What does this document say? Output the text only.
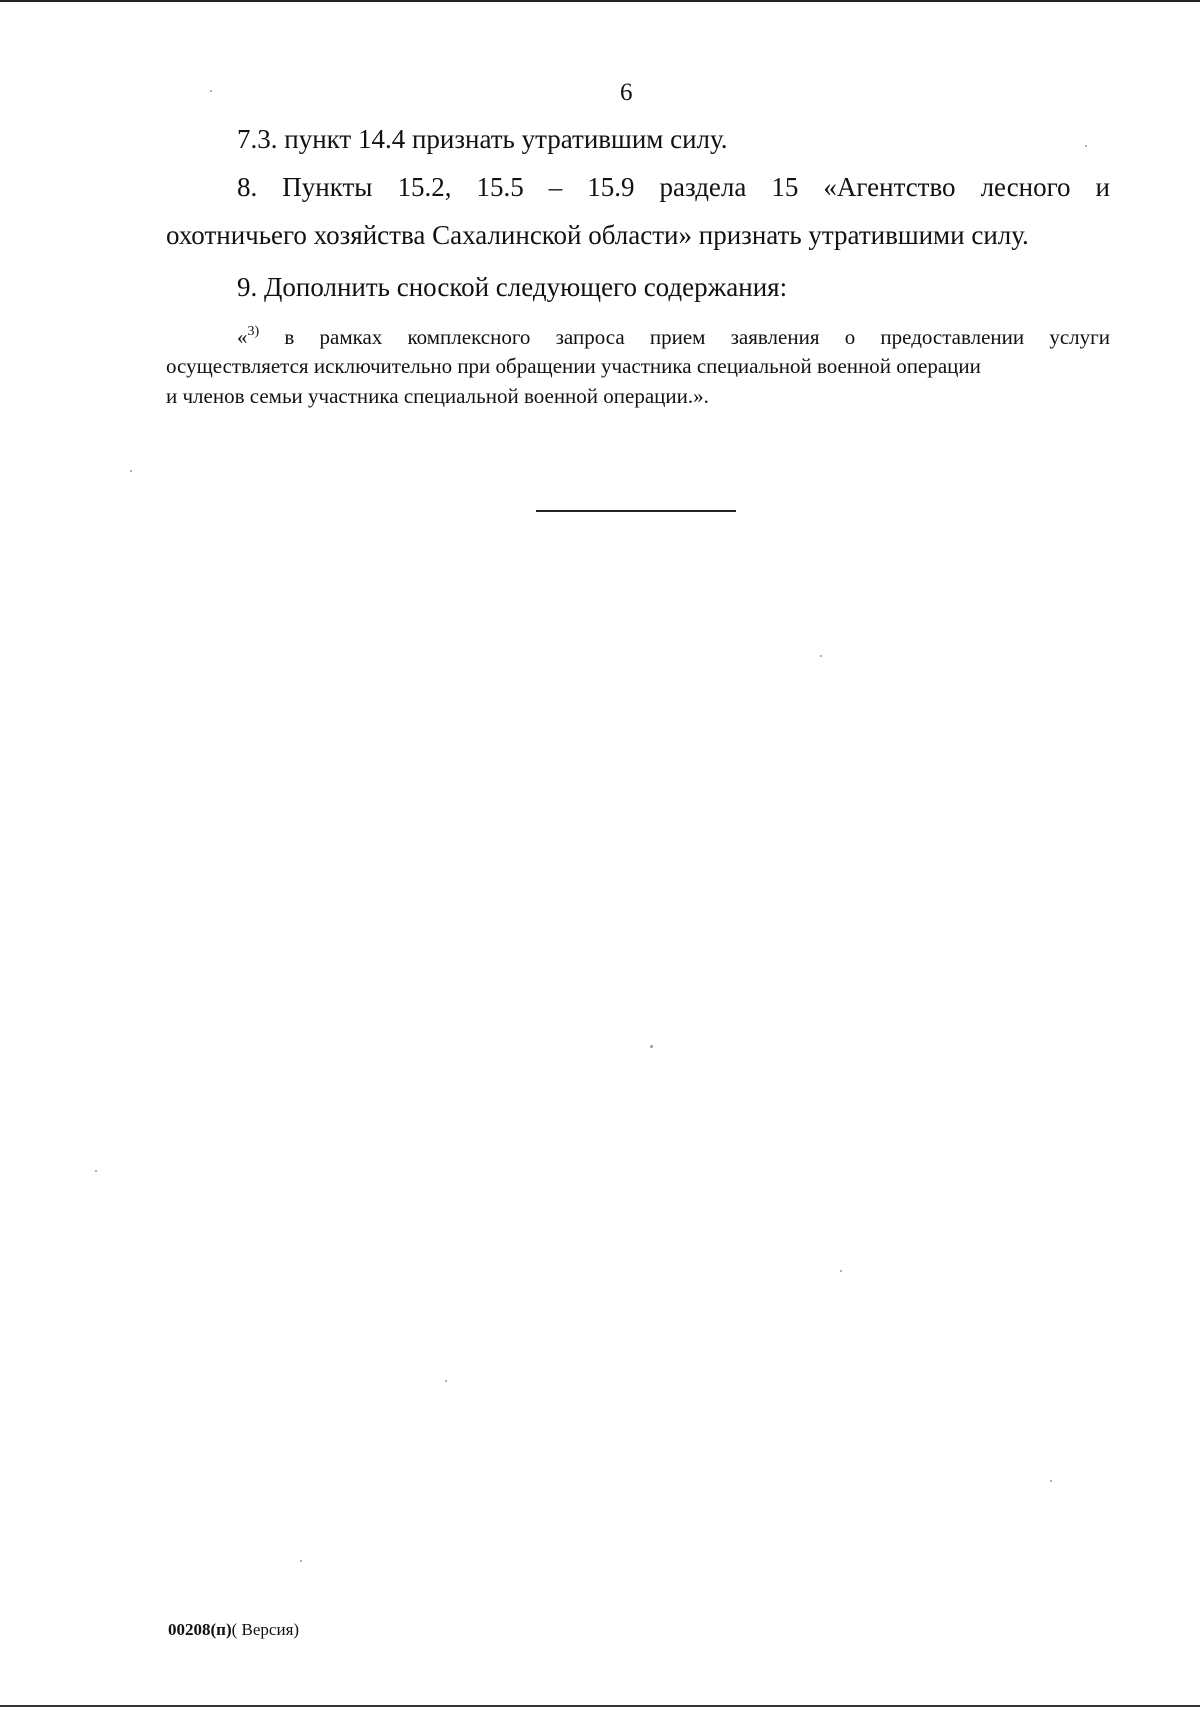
6
7.3. пункт 14.4 признать утратившим силу.
8. Пункты 15.2, 15.5 – 15.9 раздела 15 «Агентство лесного и
охотничьего хозяйства Сахалинской области» признать утратившими силу.
9. Дополнить сноской следующего содержания:
«$^{3)}$ в рамках комплексного запроса прием заявления о предоставлении услуги
осуществляется исключительно при обращении участника специальной военной операции
и членов семьи участника специальной военной операции.».
00208(п)( Версия)
